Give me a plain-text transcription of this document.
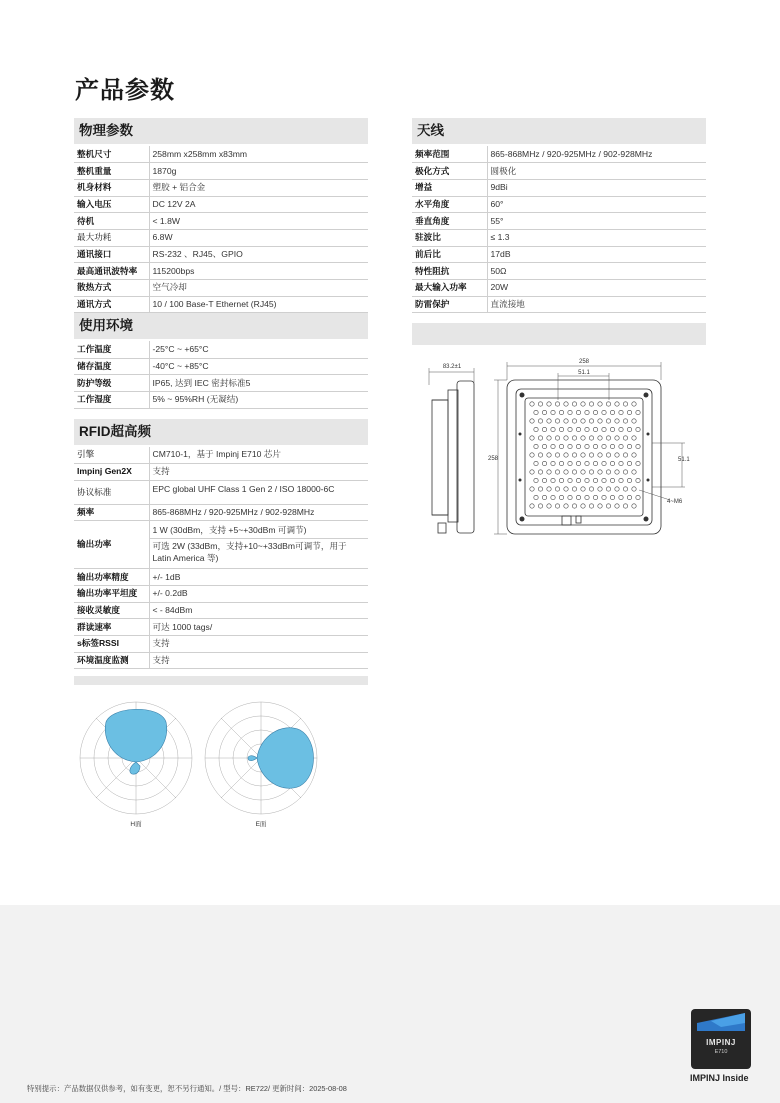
产品参数
物理参数
整机尺寸	258mm x258mm x83mm
整机重量	1870g
机身材料	塑胶 + 铝合金
输入电压	DC 12V 2A
待机	< 1.8W
最大功耗	6.8W
通讯接口	RS-232 、RJ45、GPIO
最高通讯波特率	115200bps
散热方式	空气冷却
通讯方式	10 / 100 Base-T Ethernet (RJ45)
使用环境
工作温度	-25°C ~ +65°C
储存温度	-40°C ~ +85°C
防护等级	IP65, 达到 IEC 密封标准5
工作湿度	5% ~ 95%RH (无凝结)
RFID超高频
引擎	CM710-1，基于 Impinj E710 芯片
Impinj Gen2X	支持
协议标准	EPC global UHF Class 1 Gen 2 / ISO 18000-6C
频率	865-868MHz / 920-925MHz / 902-928MHz
输出功率	1 W (30dBm，支持 +5~+30dBm 可调节)
可选 2W (33dBm，支持+10~+33dBm可调节，用于 Latin America 等)

输出功率精度	+/- 1dB
输出功率平坦度	+/- 0.2dB
接收灵敏度	< - 84dBm
群读速率	可达 1000 tags/
s标签RSSI	支持
环境温度监测	支持
天线
频率范围	865-868MHz / 920-925MHz / 902-928MHz
极化方式	圆极化
增益	9dBi
水平角度	60°
垂直角度	55°
驻波比	≤ 1.3
前后比	17dB
特性阻抗	50Ω
最大输入功率	20W
防雷保护	直流接地
83.2±1
258
51.1
258	51.1
4~M6
H面	E面
IMPINJ
E710
IMPINJ Inside
特别提示：产品数据仅供参考，如有变更，恕不另行通知。/ 型号：RE722/ 更新时间：2025-08-08
